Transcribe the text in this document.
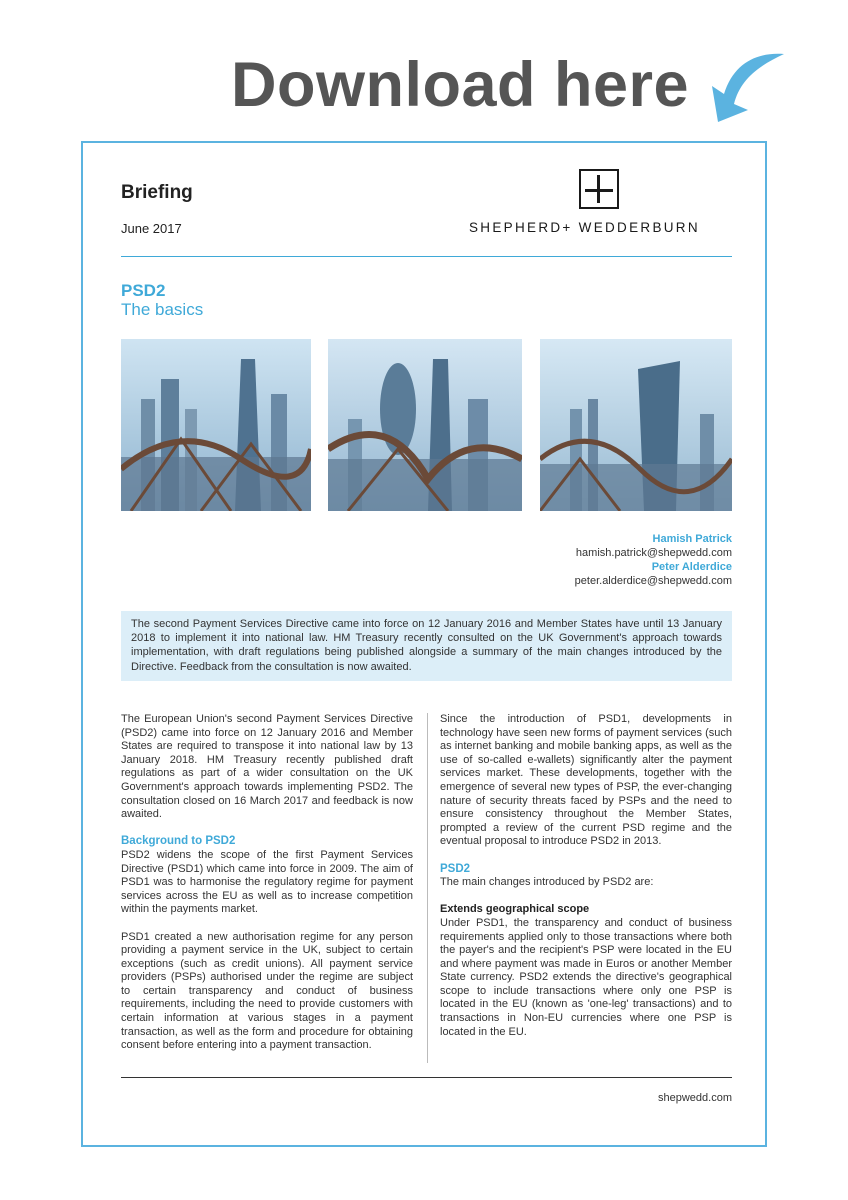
Download here
Briefing
June 2017	SHEPHERD+ WEDDERBURN
PSD2
The basics
Hamish Patrick
hamish.patrick@shepwedd.com
Peter Alderdice
peter.alderdice@shepwedd.com
The second Payment Services Directive came into force on 12 January 2016 and Member States have until 13 January 2018 to implement it into national law. HM Treasury recently consulted on the UK Government's approach towards implementation, with draft regulations being published alongside a summary of the main changes introduced by the Directive. Feedback from the consultation is now awaited.

The European Union's second Payment Services Directive (PSD2) came into force on 12 January 2016 and Member States are required to transpose it into national law by 13 January 2018. HM Treasury recently published draft regulations as part of a wider consultation on the UK Government's approach towards implementing PSD2. The consultation closed on 16 March 2017 and feedback is now awaited.

Background to PSD2

PSD2 widens the scope of the first Payment Services Directive (PSD1) which came into force in 2009. The aim of PSD1 was to harmonise the regulatory regime for payment services across the EU as well as to increase competition within the payments market.

PSD1 created a new authorisation regime for any person providing a payment service in the UK, subject to certain exceptions (such as credit unions). All payment service providers (PSPs) authorised under the regime are subject to certain transparency and conduct of business requirements, including the need to provide customers with certain information at various stages in a payment transaction, as well as the form and procedure for obtaining consent before entering into a payment transaction.

Since the introduction of PSD1, developments in technology have seen new forms of payment services (such as internet banking and mobile banking apps, as well as the use of so-called e-wallets) significantly alter the payment services market. These developments, together with the emergence of several new types of PSP, the ever-changing nature of security threats faced by PSPs and the need to ensure consistency throughout the Member States, prompted a review of the current PSD regime and the eventual proposal to introduce PSD2 in 2013.

PSD2

The main changes introduced by PSD2 are:

Extends geographical scope

Under PSD1, the transparency and conduct of business requirements applied only to those transactions where both the payer's and the recipient's PSP were located in the EU and where payment was made in Euros or another Member State currency. PSD2 extends the directive's geographical scope to include transactions where only one PSP is located in the EU (known as 'one-leg' transactions) and to transactions in Non-EU currencies where one PSP is located in the EU.

shepwedd.com
